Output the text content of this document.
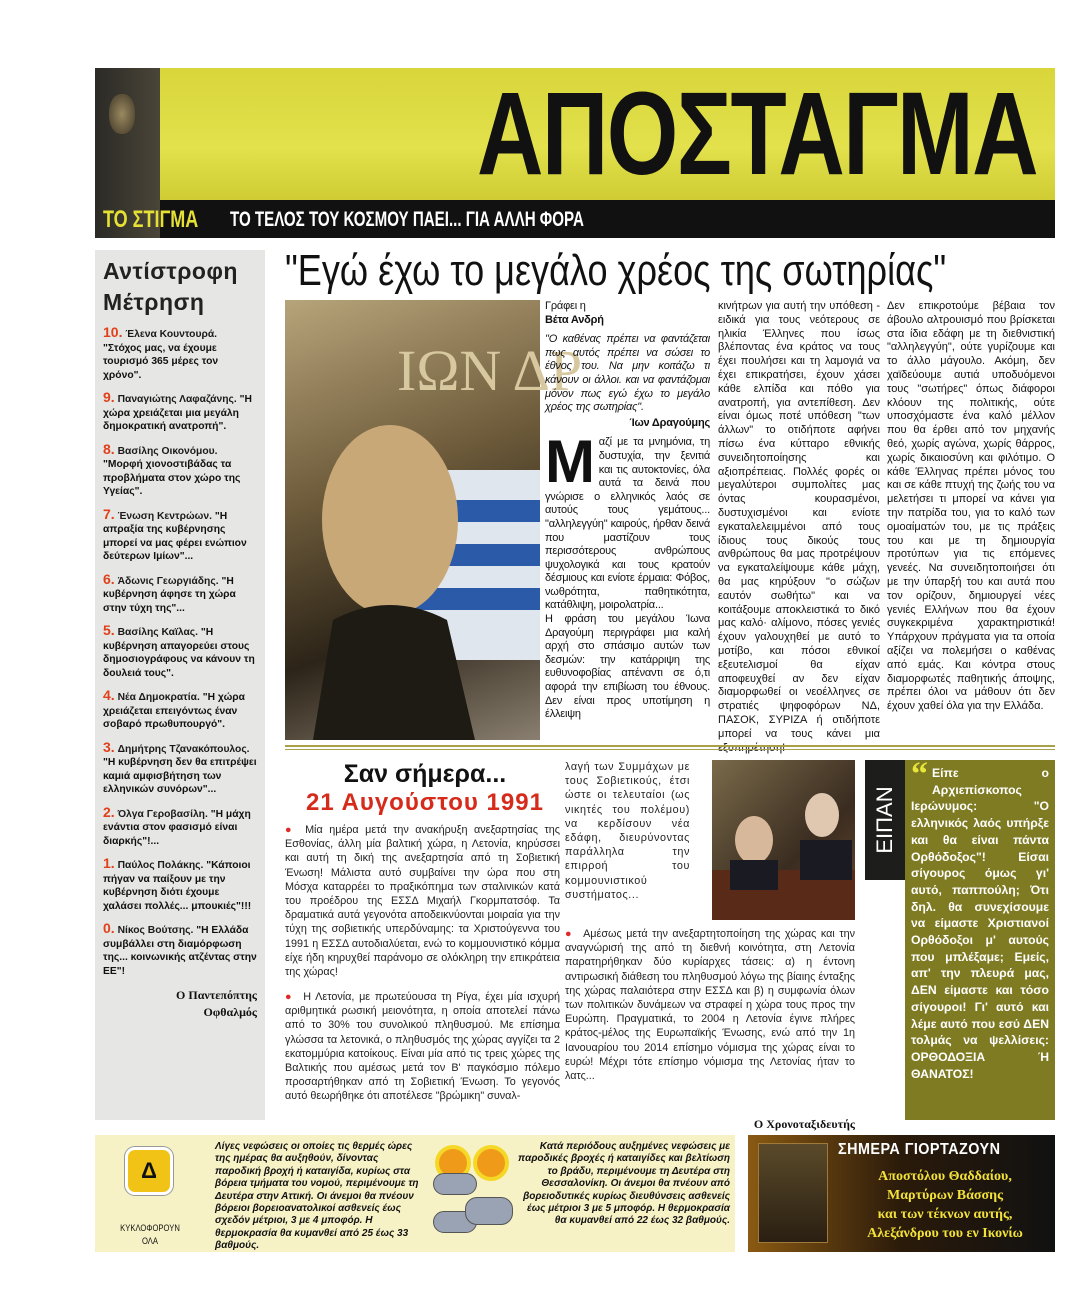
ΑΠΟΣΤΑΓΜΑ
ΤΟ ΣΤΙΓΜΑ ΤΟ ΤΕΛΟΣ ΤΟΥ ΚΟΣΜΟΥ ΠΑΕΙ... ΓΙΑ ΑΛΛΗ ΦΟΡΑ
Αντίστροφη Μέτρηση
10. Έλενα Κουντουρά. "Στόχος μας, να έχουμε τουρισμό 365 μέρες τον χρόνο".
9. Παναγιώτης Λαφαζάνης. "Η χώρα χρειάζεται μια μεγάλη δημοκρατική ανατροπή".
8. Βασίλης Οικονόμου. "Μορφή χιονοστιβάδας τα προβλήματα στον χώρο της Υγείας".
7. Ένωση Κεντρώων. "Η απραξία της κυβέρνησης μπορεί να μας φέρει ενώπιον δεύτερων Ιμίων"...
6. Άδωνις Γεωργιάδης. "Η κυβέρνηση άφησε τη χώρα στην τύχη της"...
5. Βασίλης Καϊλας. "Η κυβέρνηση απαγορεύει στους δημοσιογράφους να κάνουν τη δουλειά τους".
4. Νέα Δημοκρατία. "Η χώρα χρειάζεται επειγόντως έναν σοβαρό πρωθυπουργό".
3. Δημήτρης Τζανακόπουλος. "Η κυβέρνηση δεν θα επιτρέψει καμιά αμφισβήτηση των ελληνικών συνόρων"...
2. Όλγα Γεροβασίλη. "Η μάχη ενάντια στον φασισμό είναι διαρκής"!...
1. Παύλος Πολάκης. "Κάποιοι πήγαν να παίξουν με την κυβέρνηση διότι έχουμε χαλάσει πολλές... μπουκιές"!!!
0. Νίκος Βούτσης. "Η Ελλάδα συμβάλλει στη διαμόρφωση της... κοινωνικής ατζέντας στην ΕΕ"!
Ο Παντεπόπτης
Οφθαλμός
"Εγώ έχω το μεγάλο χρέος της σωτηρίας"
ΙΩΝ ΔΡ
Γράφει η
Βέτα Ανδρή
"Ο καθένας πρέπει να φαντάζεται πως αυτός πρέπει να σώσει το έθνος του. Να μην κοιτάζω τι κάνουν οι άλλοι. και να φαντάζομαι μόνον πως εγώ έχω το μεγάλο χρέος της σωτηρίας".
Ίων Δραγούμης
Μαζί με τα μνημόνια, τη δυστυχία, την ξενιτιά και τις αυτοκτονίες, όλα αυτά τα δεινά που γνώρισε ο ελληνικός λαός σε αυτούς τους γεμάτους... "αλληλεγγύη" καιρούς, ήρθαν δεινά που μαστίζουν τους περισσότερους ανθρώπους ψυχολογικά και τους κρατούν δέσμιους και ενίοτε έρμαια: Φόβος, νωθρότητα, παθητικότητα, κατάθλιψη, μοιρολατρία...
Η φράση του μεγάλου Ίωνα Δραγούμη περιγράφει μια καλή αρχή στο σπάσιμο αυτών των δεσμών: την κατάρριψη της ευθυνοφοβίας απέναντι σε ό,τι αφορά την επιβίωση του έθνους. Δεν είναι προς υποτίμηση η έλλειψη
κινήτρων για αυτή την υπόθεση - ειδικά για τους νεότερους σε ηλικία Έλληνες που ίσως βλέποντας ένα κράτος να τους έχει πουλήσει και τη λαμογιά να έχει επικρατήσει, έχουν χάσει κάθε ελπίδα και πόθο για ανατροπή, για αντεπίθεση. Δεν είναι όμως ποτέ υπόθεση "των άλλων" το οτιδήποτε αφήνει πίσω ένα κύτταρο εθνικής συνειδητοποίησης και αξιοπρέπειας. Πολλές φορές οι μεγαλύτεροι συμπολίτες μας όντας κουρασμένοι, δυστυχισμένοι και ενίοτε εγκαταλελειμμένοι από τους ίδιους τους δικούς τους ανθρώπους θα μας προτρέψουν να εγκαταλείψουμε κάθε μάχη, θα μας κηρύξουν "ο σώζων εαυτόν σωθήτω" και να κοιτάξουμε αποκλειστικά το δικό μας καλό· αλίμονο, πόσες γενιές έχουν γαλουχηθεί με αυτό το μοτίβο, και πόσοι εθνικοί εξευτελισμοί θα είχαν αποφευχθεί αν δεν είχαν διαμορφωθεί οι νεοέλληνες σε στρατιές ψηφοφόρων ΝΔ, ΠΑΣΟΚ, ΣΥΡΙΖΑ ή οτιδήποτε μπορεί να τους κάνει μια εξυπηρέτηση!
Δεν επικροτούμε βέβαια τον άβουλο αλτρουισμό που βρίσκεται στα ίδια εδάφη με τη διεθνιστική "αλληλεγγύη", ούτε γυρίζουμε και το άλλο μάγουλο. Ακόμη, δεν χαϊδεύουμε αυτιά υποδυόμενοι τους "σωτήρες" όπως διάφοροι κλόουν της πολιτικής, ούτε υποσχόμαστε ένα καλό μέλλον που θα έρθει από τον μηχανής θεό, χωρίς αγώνα, χωρίς θάρρος, χωρίς δικαιοσύνη και φιλότιμο. Ο κάθε Έλληνας πρέπει μόνος του και σε κάθε πτυχή της ζωής του να μελετήσει τι μπορεί να κάνει για την πατρίδα του, για το καλό των ομοαίματών του, με τις πράξεις του και με τη δημιουργία προτύπων για τις επόμενες γενεές. Να συνειδητοποιήσει ότι με την ύπαρξή του και αυτά που τον ορίζουν, δημιουργεί νέες γενιές Ελλήνων που θα έχουν συγκεκριμένα χαρακτηριστικά! Υπάρχουν πράγματα για τα οποία αξίζει να πολεμήσει ο καθένας από εμάς. Και κόντρα στους διαμορφωτές παθητικής άποψης, πρέπει όλοι να μάθουν ότι δεν έχουν χαθεί όλα για την Ελλάδα.
Σαν σήμερα...
21 Αυγούστου 1991
● Μία ημέρα μετά την ανακήρυξη ανεξαρτησίας της Εσθονίας, άλλη μία βαλτική χώρα, η Λετονία, κηρύσσει και αυτή τη δική της ανεξαρτησία από τη Σοβιετική Ένωση! Μάλιστα αυτό συμβαίνει την ώρα που στη Μόσχα καταρρέει το πραξικόπημα των σταλινικών κατά του προέδρου της ΕΣΣΔ Μιχαήλ Γκορμπατσόφ. Τα δραματικά αυτά γεγονότα αποδεικνύονται μοιραία για την τύχη της σοβιετικής υπερδύναμης: τα Χριστούγεννα του 1991 η ΕΣΣΔ αυτοδιαλύεται, ενώ το κομμουνιστικό κόμμα είχε ήδη κηρυχθεί παράνομο σε ολόκληρη την επικράτεια της χώρας!
● Η Λετονία, με πρωτεύουσα τη Ρίγα, έχει μία ισχυρή αριθμητικά ρωσική μειονότητα, η οποία αποτελεί πάνω από το 30% του συνολικού πληθυσμού. Με επίσημα γλώσσα τα λετονικά, ο πληθυσμός της χώρας αγγίζει τα 2 εκατομμύρια κατοίκους. Είναι μία από τις τρεις χώρες της Βαλτικής που αμέσως μετά τον Β' παγκόσμιο πόλεμο προσαρτήθηκαν από τη Σοβιετική Ένωση. Το γεγονός αυτό θεωρήθηκε ότι αποτέλεσε "βρώμικη" συναλ-
λαγή των Συμμάχων με τους Σοβιετικούς, έτσι ώστε οι τελευταίοι (ως νικητές του πολέμου) να κερδίσουν νέα εδάφη, διευρύνοντας παράλληλα την επιρροή του κομμουνιστικού συστήματος...
● Αμέσως μετά την ανεξαρτητοποίηση της χώρας και την αναγνώρισή της από τη διεθνή κοινότητα, στη Λετονία παρατηρήθηκαν δύο κυρίαρχες τάσεις: α) η έντονη αντιρωσική διάθεση του πληθυσμού λόγω της βίαιης ένταξης της χώρας παλαιότερα στην ΕΣΣΔ και β) η συμφωνία όλων των πολιτικών δυνάμεων να στραφεί η χώρα τους προς την Ευρώπη. Πραγματικά, το 2004 η Λετονία έγινε πλήρες κράτος-μέλος της Ευρωπαϊκής Ένωσης, ενώ από την 1η Ιανουαρίου του 2014 επίσημο νόμισμα της χώρας είναι το ευρώ! Μέχρι τότε επίσημο νόμισμα της Λετονίας ήταν το λατς...
Ο Χρονοταξιδευτής
ΕΙΠΑΝ
“ Είπε ο Αρχιεπίσκοπος Ιερώνυμος: "Ο ελληνικός λαός υπήρξε και θα είναι πάντα Ορθόδοξος"! Είσαι σίγουρος όμως γι' αυτό, παππούλη; Ότι δηλ. θα συνεχίσουμε να είμαστε Χριστιανοί Ορθόδοξοι μ' αυτούς που μπλέξαμε; Εμείς, απ' την πλευρά μας, ΔΕΝ είμαστε και τόσο σίγουροι! Γι' αυτό και λέμε αυτό που εσύ ΔΕΝ τολμάς να ψελλίσεις: ΟΡΘΟΔΟΞΙΑ Ή ΘΑΝΑΤΟΣ!
Δ
ΚΥΚΛΟΦΟΡΟΥΝ ΟΛΑ
Λίγες νεφώσεις οι οποίες τις θερμές ώρες της ημέρας θα αυξηθούν, δίνοντας παροδική βροχή ή καταιγίδα, κυρίως στα βόρεια τμήματα του νομού, περιμένουμε τη Δευτέρα στην Αττική. Οι άνεμοι θα πνέουν βόρειοι βορειοανατολικοί ασθενείς έως σχεδόν μέτριοι, 3 με 4 μποφόρ. Η θερμοκρασία θα κυμανθεί από 25 έως 33 βαθμούς.
Κατά περιόδους αυξημένες νεφώσεις με παροδικές βροχές ή καταιγίδες και βελτίωση το βράδυ, περιμένουμε τη Δευτέρα στη Θεσσαλονίκη. Οι άνεμοι θα πνέουν από βορειοδυτικές κυρίως διευθύνσεις ασθενείς έως μέτριοι 3 με 5 μποφόρ. Η θερμοκρασία θα κυμανθεί από 22 έως 32 βαθμούς.
ΣΗΜΕΡΑ ΓΙΟΡΤΑΖΟΥΝ
Αποστόλου Θαδδαίου,
Μαρτύρων Βάσσης
και των τέκνων αυτής,
Αλεξάνδρου του εν Ικονίω
